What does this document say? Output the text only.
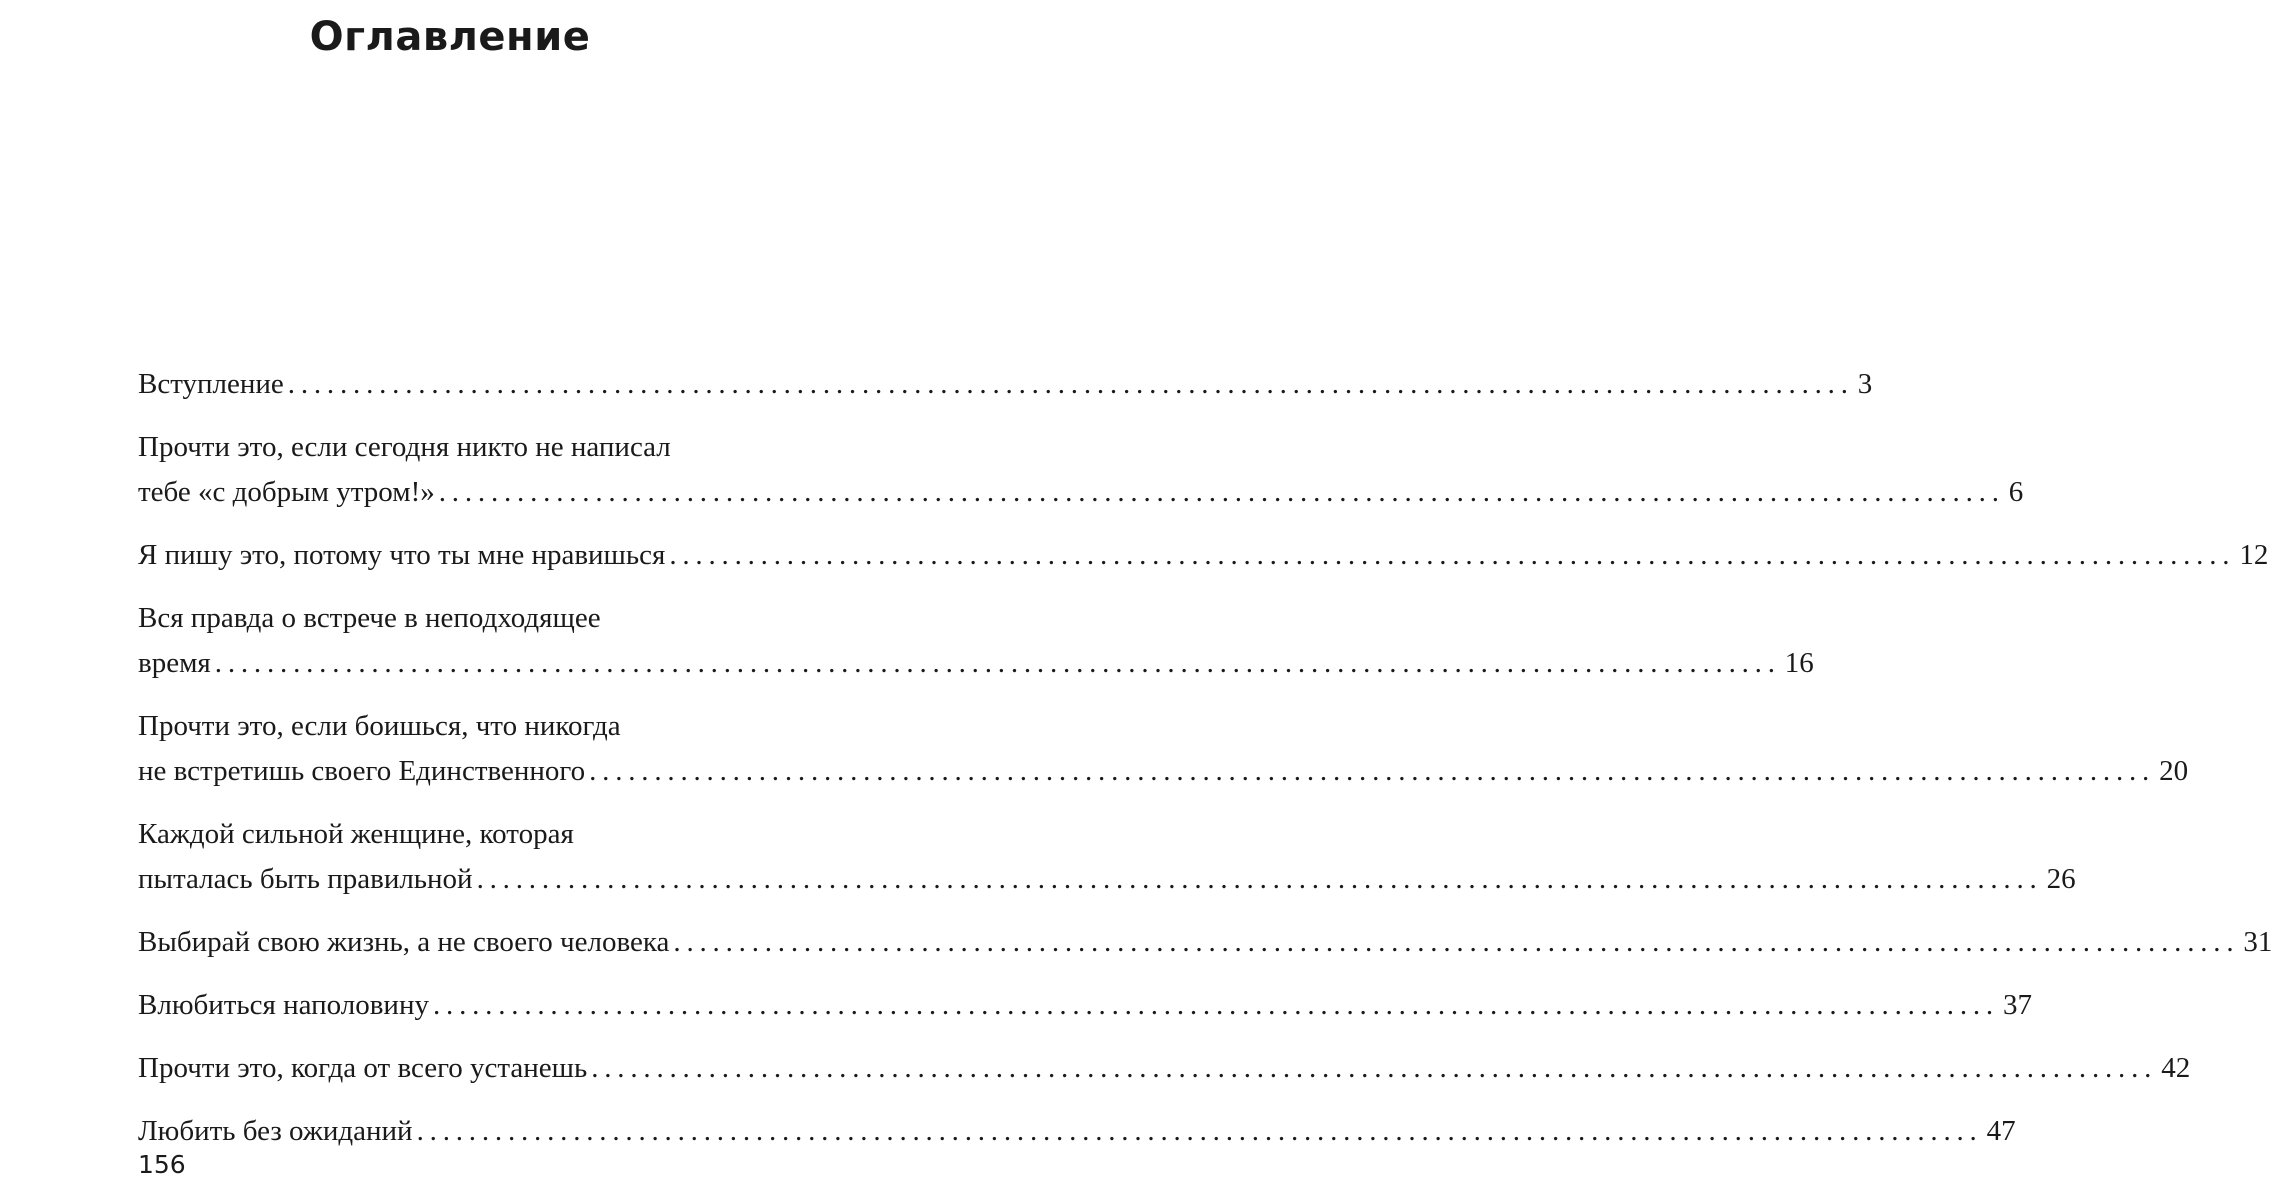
Оглавление
Вступление ........................................................................................................................ 3
Прочти это, если сегодня никто не написал
тебе «с добрым утром!» ........................................................................................................................ 6
Я пишу это, потому что ты мне нравишься ........................................................................................................................ 12
Вся правда о встрече в неподходящее
время ........................................................................................................................ 16
Прочти это, если боишься, что никогда
не встретишь своего Единственного ........................................................................................................................ 20
Каждой сильной женщине, которая
пыталась быть правильной ........................................................................................................................ 26
Выбирай свою жизнь, а не своего человека ........................................................................................................................ 31
Влюбиться наполовину ........................................................................................................................ 37
Прочти это, когда от всего устанешь ........................................................................................................................ 42
Любить без ожиданий ........................................................................................................................ 47
156
